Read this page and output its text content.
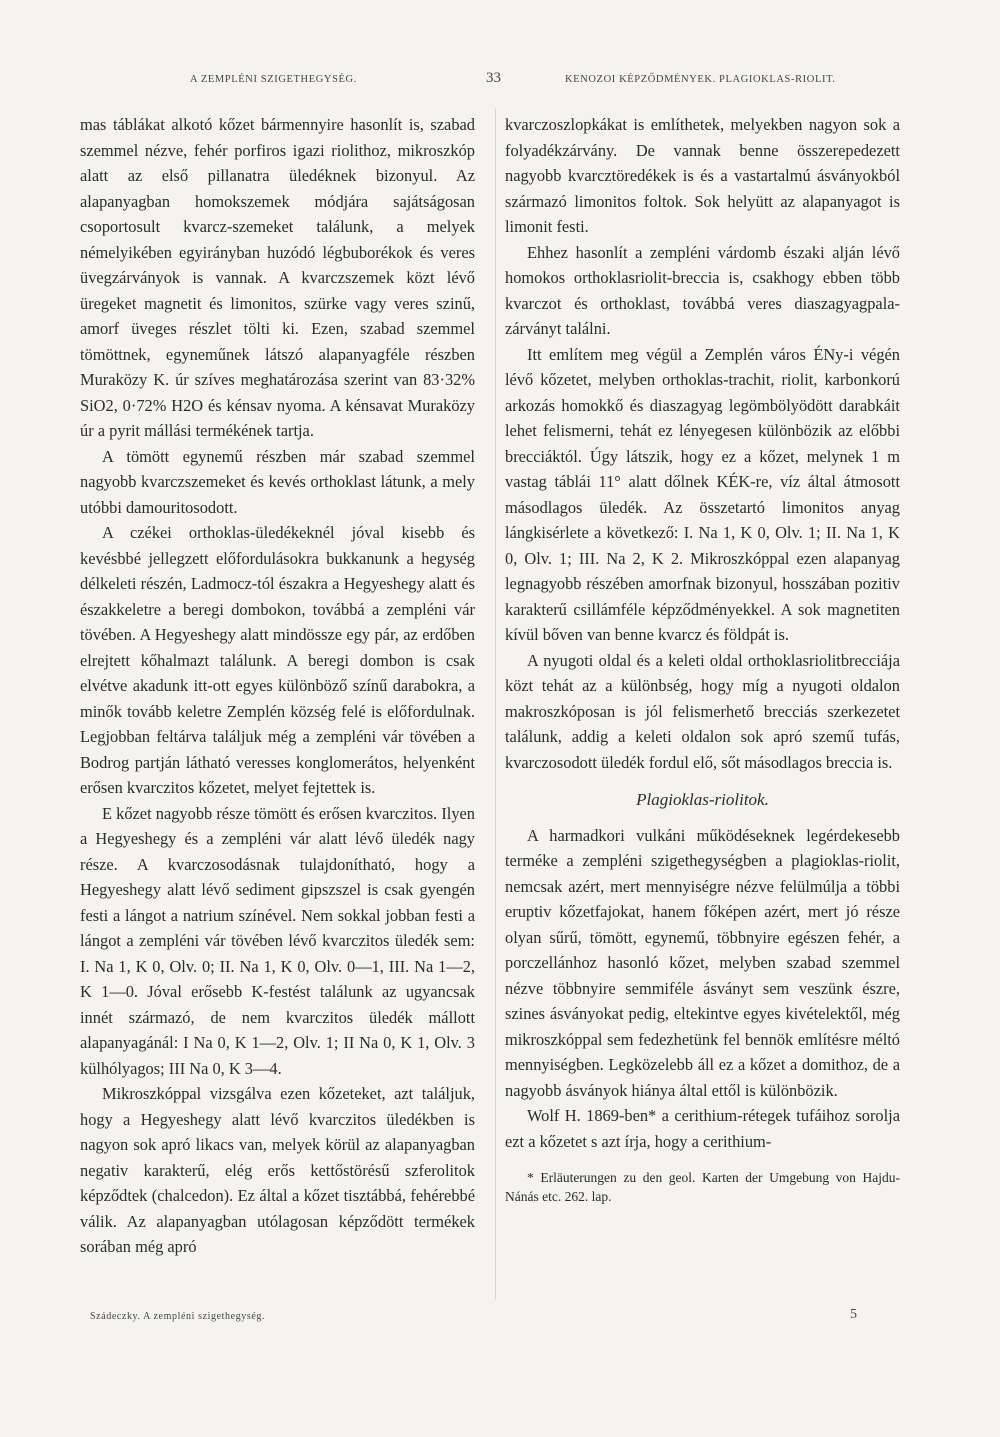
A ZEMPLÉNI SZIGETHEGYSÉG.	33	KENOZOI KÉPZŐDMÉNYEK. PLAGIOKLAS-RIOLIT.

mas táblákat alkotó kőzet bármennyire hasonlít is, szabad szemmel nézve, fehér porfiros igazi riolithoz, mikroszkóp alatt az első pillanatra üledéknek bizonyul. Az alapanyagban homokszemek módjára sajátságosan csoportosult kvarcz-szemeket találunk, a melyek némelyikében egyirányban huzódó légbuborékok és veres üvegzárványok is vannak. A kvarczszemek közt lévő üregeket magnetit és limonitos, szürke vagy veres szinű, amorf üveges részlet tölti ki. Ezen, szabad szemmel tömöttnek, egyneműnek látszó alapanyagféle részben Muraközy K. úr szíves meghatározása szerint van 83·32% SiO2, 0·72% H2O és kénsav nyoma. A kénsavat Muraközy úr a pyrit mállási termékének tartja.

A tömött egynemű részben már szabad szemmel nagyobb kvarczszemeket és kevés orthoklast látunk, a mely utóbbi damouritosodott.

A czékei orthoklas-üledékeknél jóval kisebb és kevésbbé jellegzett előfordulásokra bukkanunk a hegység délkeleti részén, Ladmocz-tól északra a Hegyeshegy alatt és északkeletre a beregi dombokon, továbbá a zempléni vár tövében. A Hegyeshegy alatt mindössze egy pár, az erdőben elrejtett kőhalmazt találunk. A beregi dombon is csak elvétve akadunk itt-ott egyes különböző színű darabokra, a minők tovább keletre Zemplén község felé is előfordulnak. Legjobban feltárva találjuk még a zempléni vár tövében a Bodrog partján látható veresses konglomerátos, helyenként erősen kvarczitos kőzetet, melyet fejtettek is.

E kőzet nagyobb része tömött és erősen kvarczitos. Ilyen a Hegyeshegy és a zempléni vár alatt lévő üledék nagy része. A kvarczosodásnak tulajdonítható, hogy a Hegyeshegy alatt lévő sediment gipszszel is csak gyengén festi a lángot a natrium színével. Nem sokkal jobban festi a lángot a zempléni vár tövében lévő kvarczitos üledék sem: I. Na 1, K 0, Olv. 0; II. Na 1, K 0, Olv. 0—1, III. Na 1—2, K 1—0. Jóval erősebb K-festést találunk az ugyancsak innét származó, de nem kvarczitos üledék mállott alapanyagánál: I Na 0, K 1—2, Olv. 1; II Na 0, K 1, Olv. 3 külhólyagos; III Na 0, K 3—4.

Mikroszkóppal vizsgálva ezen kőzeteket, azt találjuk, hogy a Hegyeshegy alatt lévő kvarczitos üledékben is nagyon sok apró likacs van, melyek körül az alapanyagban negativ karakterű, elég erős kettőstörésű szferolitok képződtek (chalcedon). Ez által a kőzet tisztábbá, fehérebbé válik. Az alapanyagban utólagosan képződött termékek sorában még apró

kvarczoszlopkákat is említhetek, melyekben nagyon sok a folyadékzárvány. De vannak benne összerepedezett nagyobb kvarcztöredékek is és a vastartalmú ásványokból származó limonitos foltok. Sok helyütt az alapanyagot is limonit festi.

Ehhez hasonlít a zempléni várdomb északi alján lévő homokos orthoklasriolit-breccia is, csakhogy ebben több kvarczot és orthoklast, továbbá veres diaszagyagpala-zárványt találni.

Itt említem meg végül a Zemplén város ÉNy-i végén lévő kőzetet, melyben orthoklas-trachit, riolit, karbonkorú arkozás homokkő és diaszagyag legömbölyödött darabkáit lehet felismerni, tehát ez lényegesen különbözik az előbbi brecciáktól. Úgy látszik, hogy ez a kőzet, melynek 1 m vastag táblái 11° alatt dőlnek KÉK-re, víz által átmosott másodlagos üledék. Az összetartó limonitos anyag lángkisérlete a következő: I. Na 1, K 0, Olv. 1; II. Na 1, K 0, Olv. 1; III. Na 2, K 2. Mikroszkóppal ezen alapanyag legnagyobb részében amorfnak bizonyul, hosszában pozitiv karakterű csillámféle képződményekkel. A sok magnetiten kívül bőven van benne kvarcz és földpát is.

A nyugoti oldal és a keleti oldal orthoklasriolitbrecciája közt tehát az a különbség, hogy míg a nyugoti oldalon makroszkóposan is jól felismerhető brecciás szerkezetet találunk, addig a keleti oldalon sok apró szemű tufás, kvarczosodott üledék fordul elő, sőt másodlagos breccia is.

Plagioklas-riolitok.

A harmadkori vulkáni működéseknek legérdekesebb terméke a zempléni szigethegységben a plagioklas-riolit, nemcsak azért, mert mennyiségre nézve felülmúlja a többi eruptiv kőzetfajokat, hanem főképen azért, mert jó része olyan sűrű, tömött, egynemű, többnyire egészen fehér, a porczellánhoz hasonló kőzet, melyben szabad szemmel nézve többnyire semmiféle ásványt sem veszünk észre, szines ásványokat pedig, eltekintve egyes kivételektől, még mikroszkóppal sem fedezhetünk fel bennök említésre méltó mennyiségben. Legközelebb áll ez a kőzet a domithoz, de a nagyobb ásványok hiánya által ettől is különbözik.

Wolf H. 1869-ben* a cerithium-rétegek tufáihoz sorolja ezt a kőzetet s azt írja, hogy a cerithium-

* Erläuterungen zu den geol. Karten der Umgebung von Hajdu-Nánás etc. 262. lap.

Szádeczky. A zempléni szigethegység.	5
